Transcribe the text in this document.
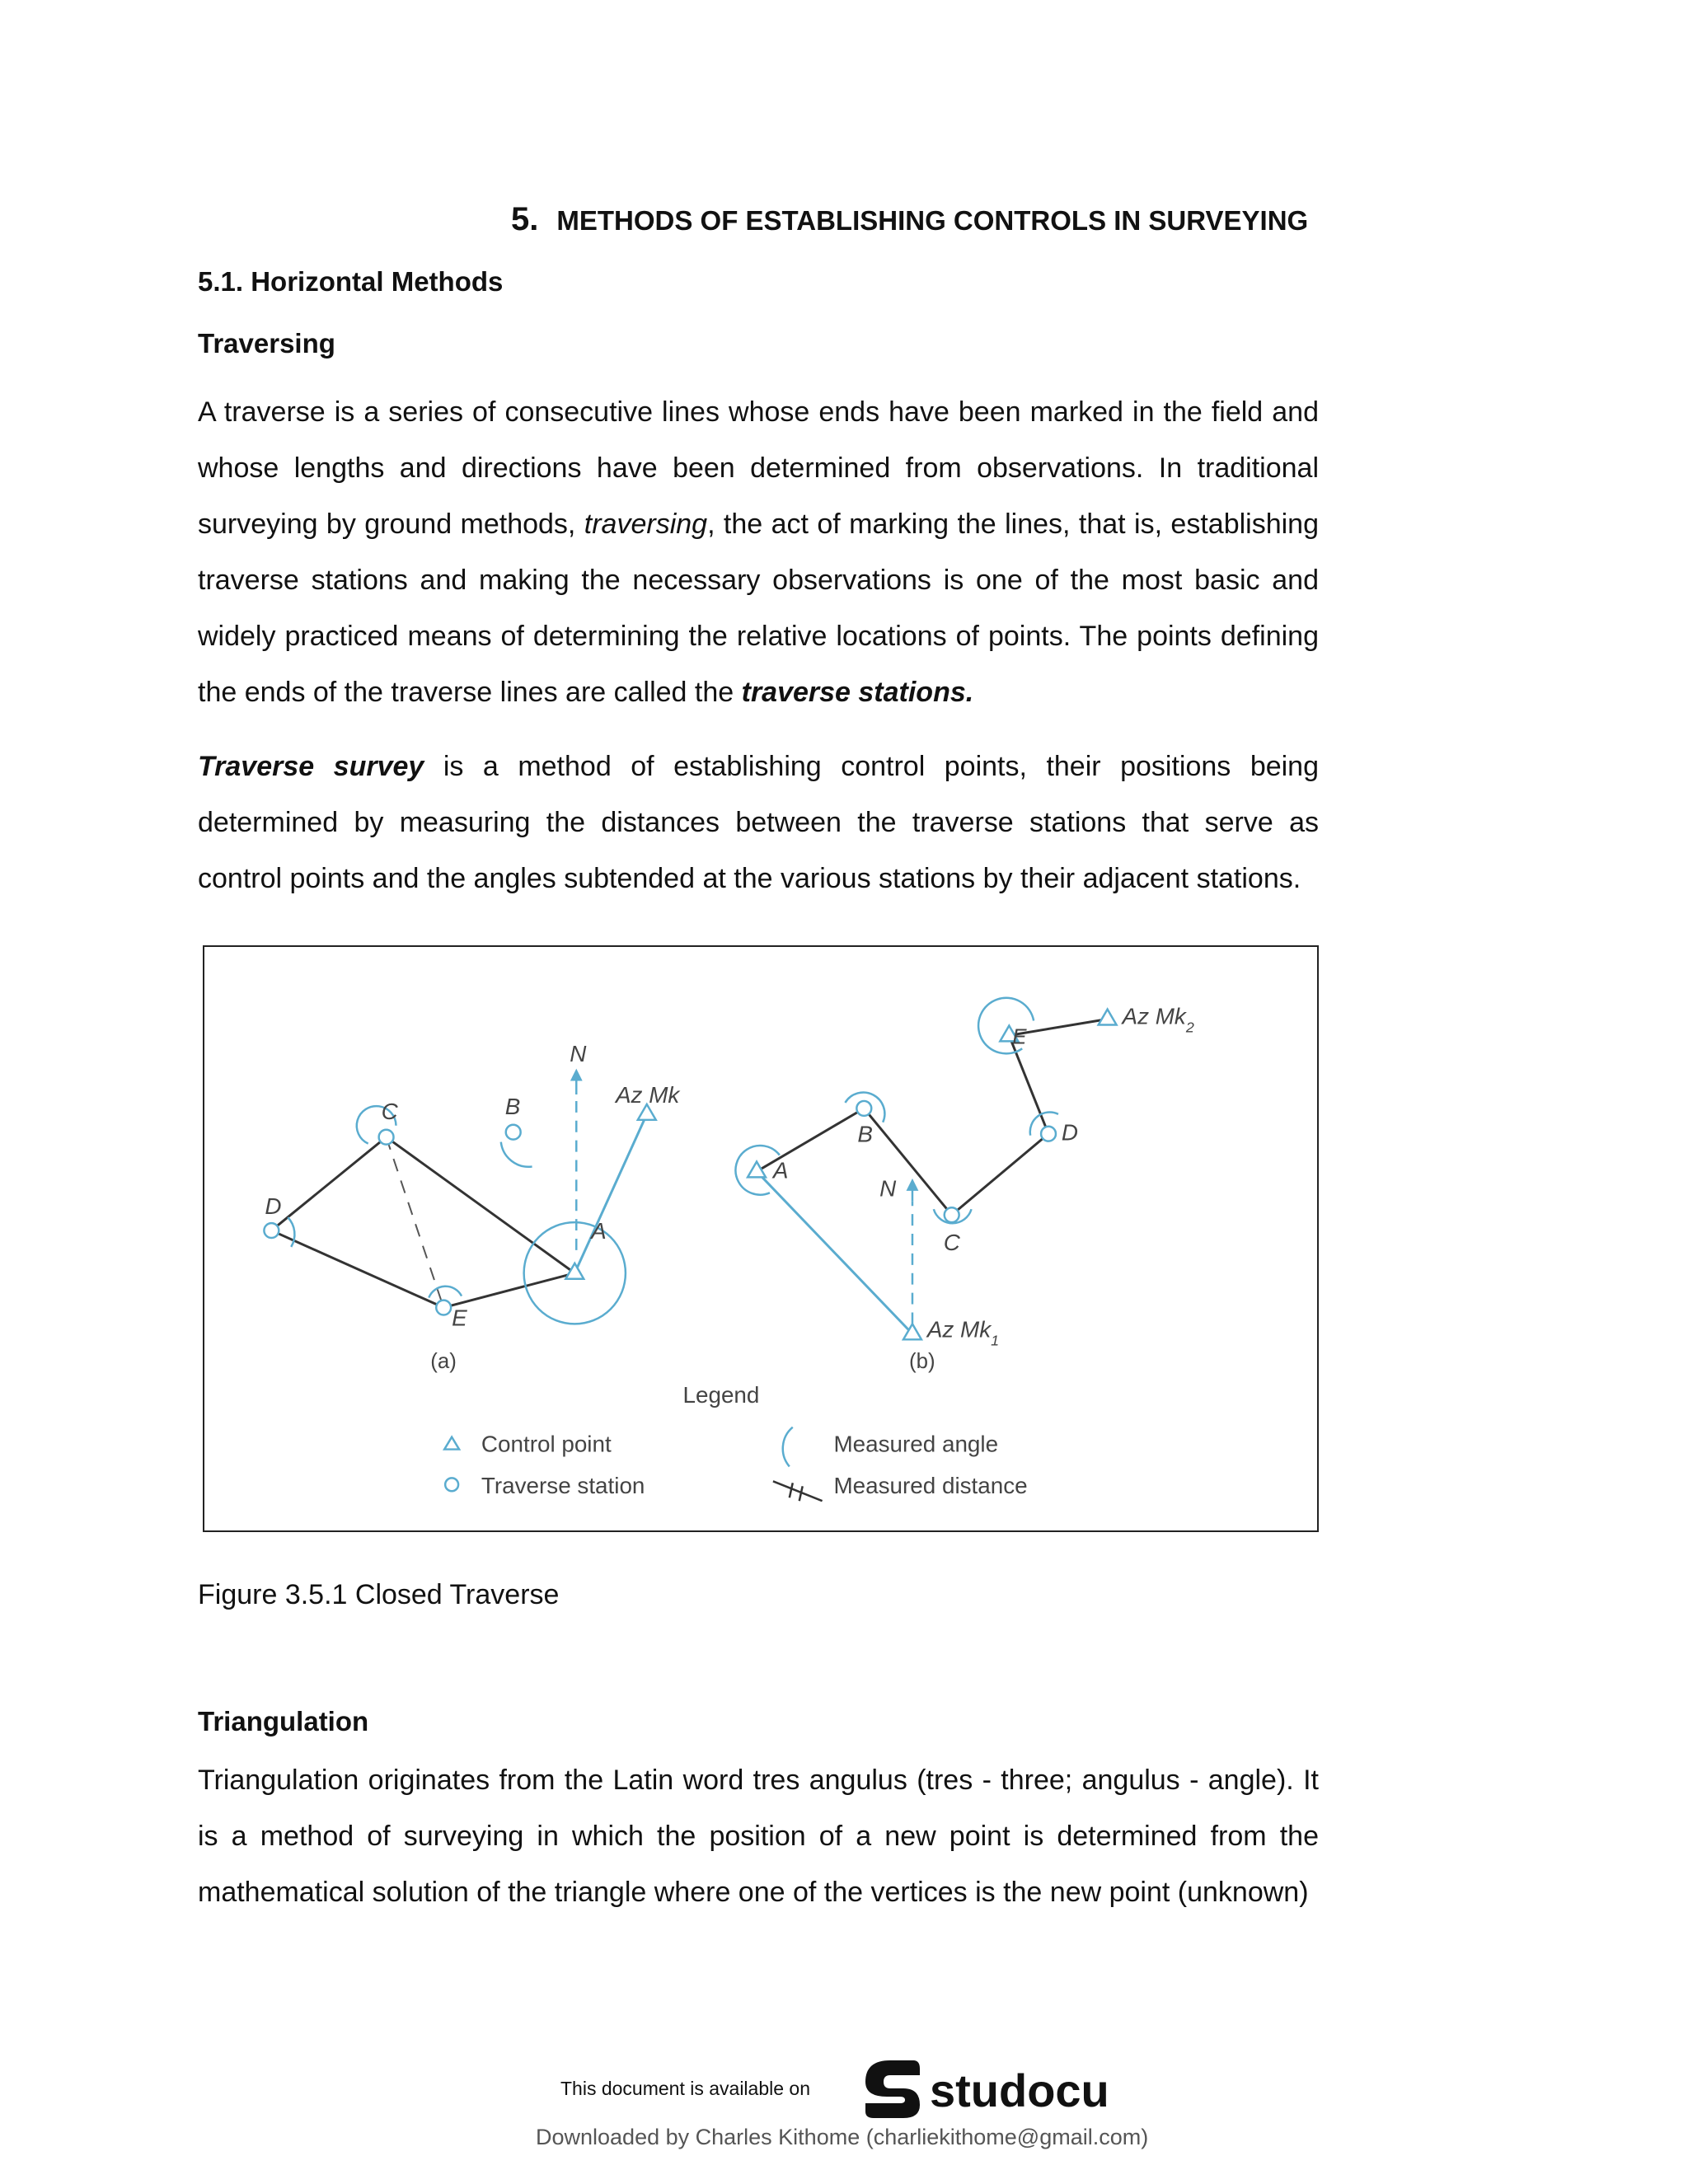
5. METHODS OF ESTABLISHING CONTROLS IN SURVEYING
5.1. Horizontal Methods
Traversing

A traverse is a series of consecutive lines whose ends have been marked in the field and whose lengths and directions have been determined from observations. In traditional surveying by ground methods, traversing, the act of marking the lines, that is, establishing traverse stations and making the necessary observations is one of the most basic and widely practiced means of determining the relative locations of points. The points defining the ends of the traverse lines are called the traverse stations.

Traverse survey is a method of establishing control points, their positions being determined by measuring the distances between the traverse stations that serve as control points and the angles subtended at the various stations by their adjacent stations.

C	B
D
E
A
N
Az Mk
(a)
A
B
C
D
E
N
Az $Mk_1$
Az $Mk_2$
(b)
Legend
Control point
Traverse station
Measured angle
Measured distance
Figure 3.5.1 Closed Traverse
Triangulation
Triangulation originates from the Latin word tres angulus (tres - three; angulus - angle). It is a method of surveying in which the position of a new point is determined from the mathematical solution of the triangle where one of the vertices is the new point (unknown)
This document is available on	studocu
Downloaded by Charles Kithome (charliekithome@gmail.com)
